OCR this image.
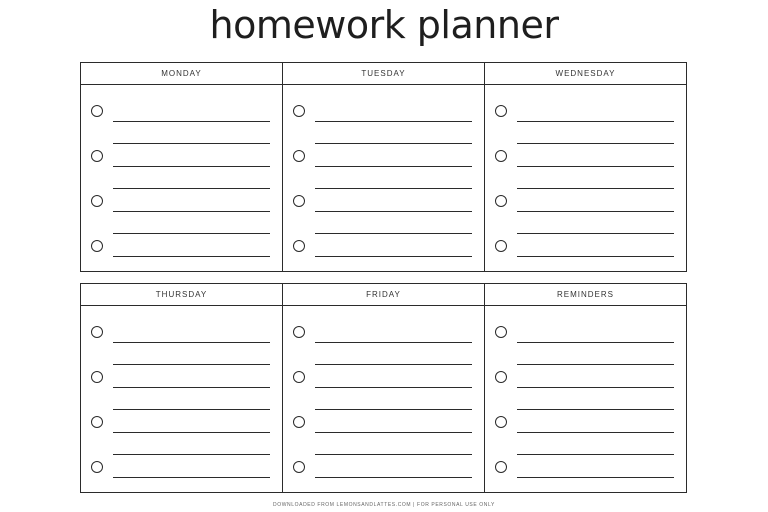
homework planner
MONDAY	TUESDAY	WEDNESDAY
THURSDAY	FRIDAY	REMINDERS
DOWNLOADED FROM LEMONSANDLATTES.COM | FOR PERSONAL USE ONLY
